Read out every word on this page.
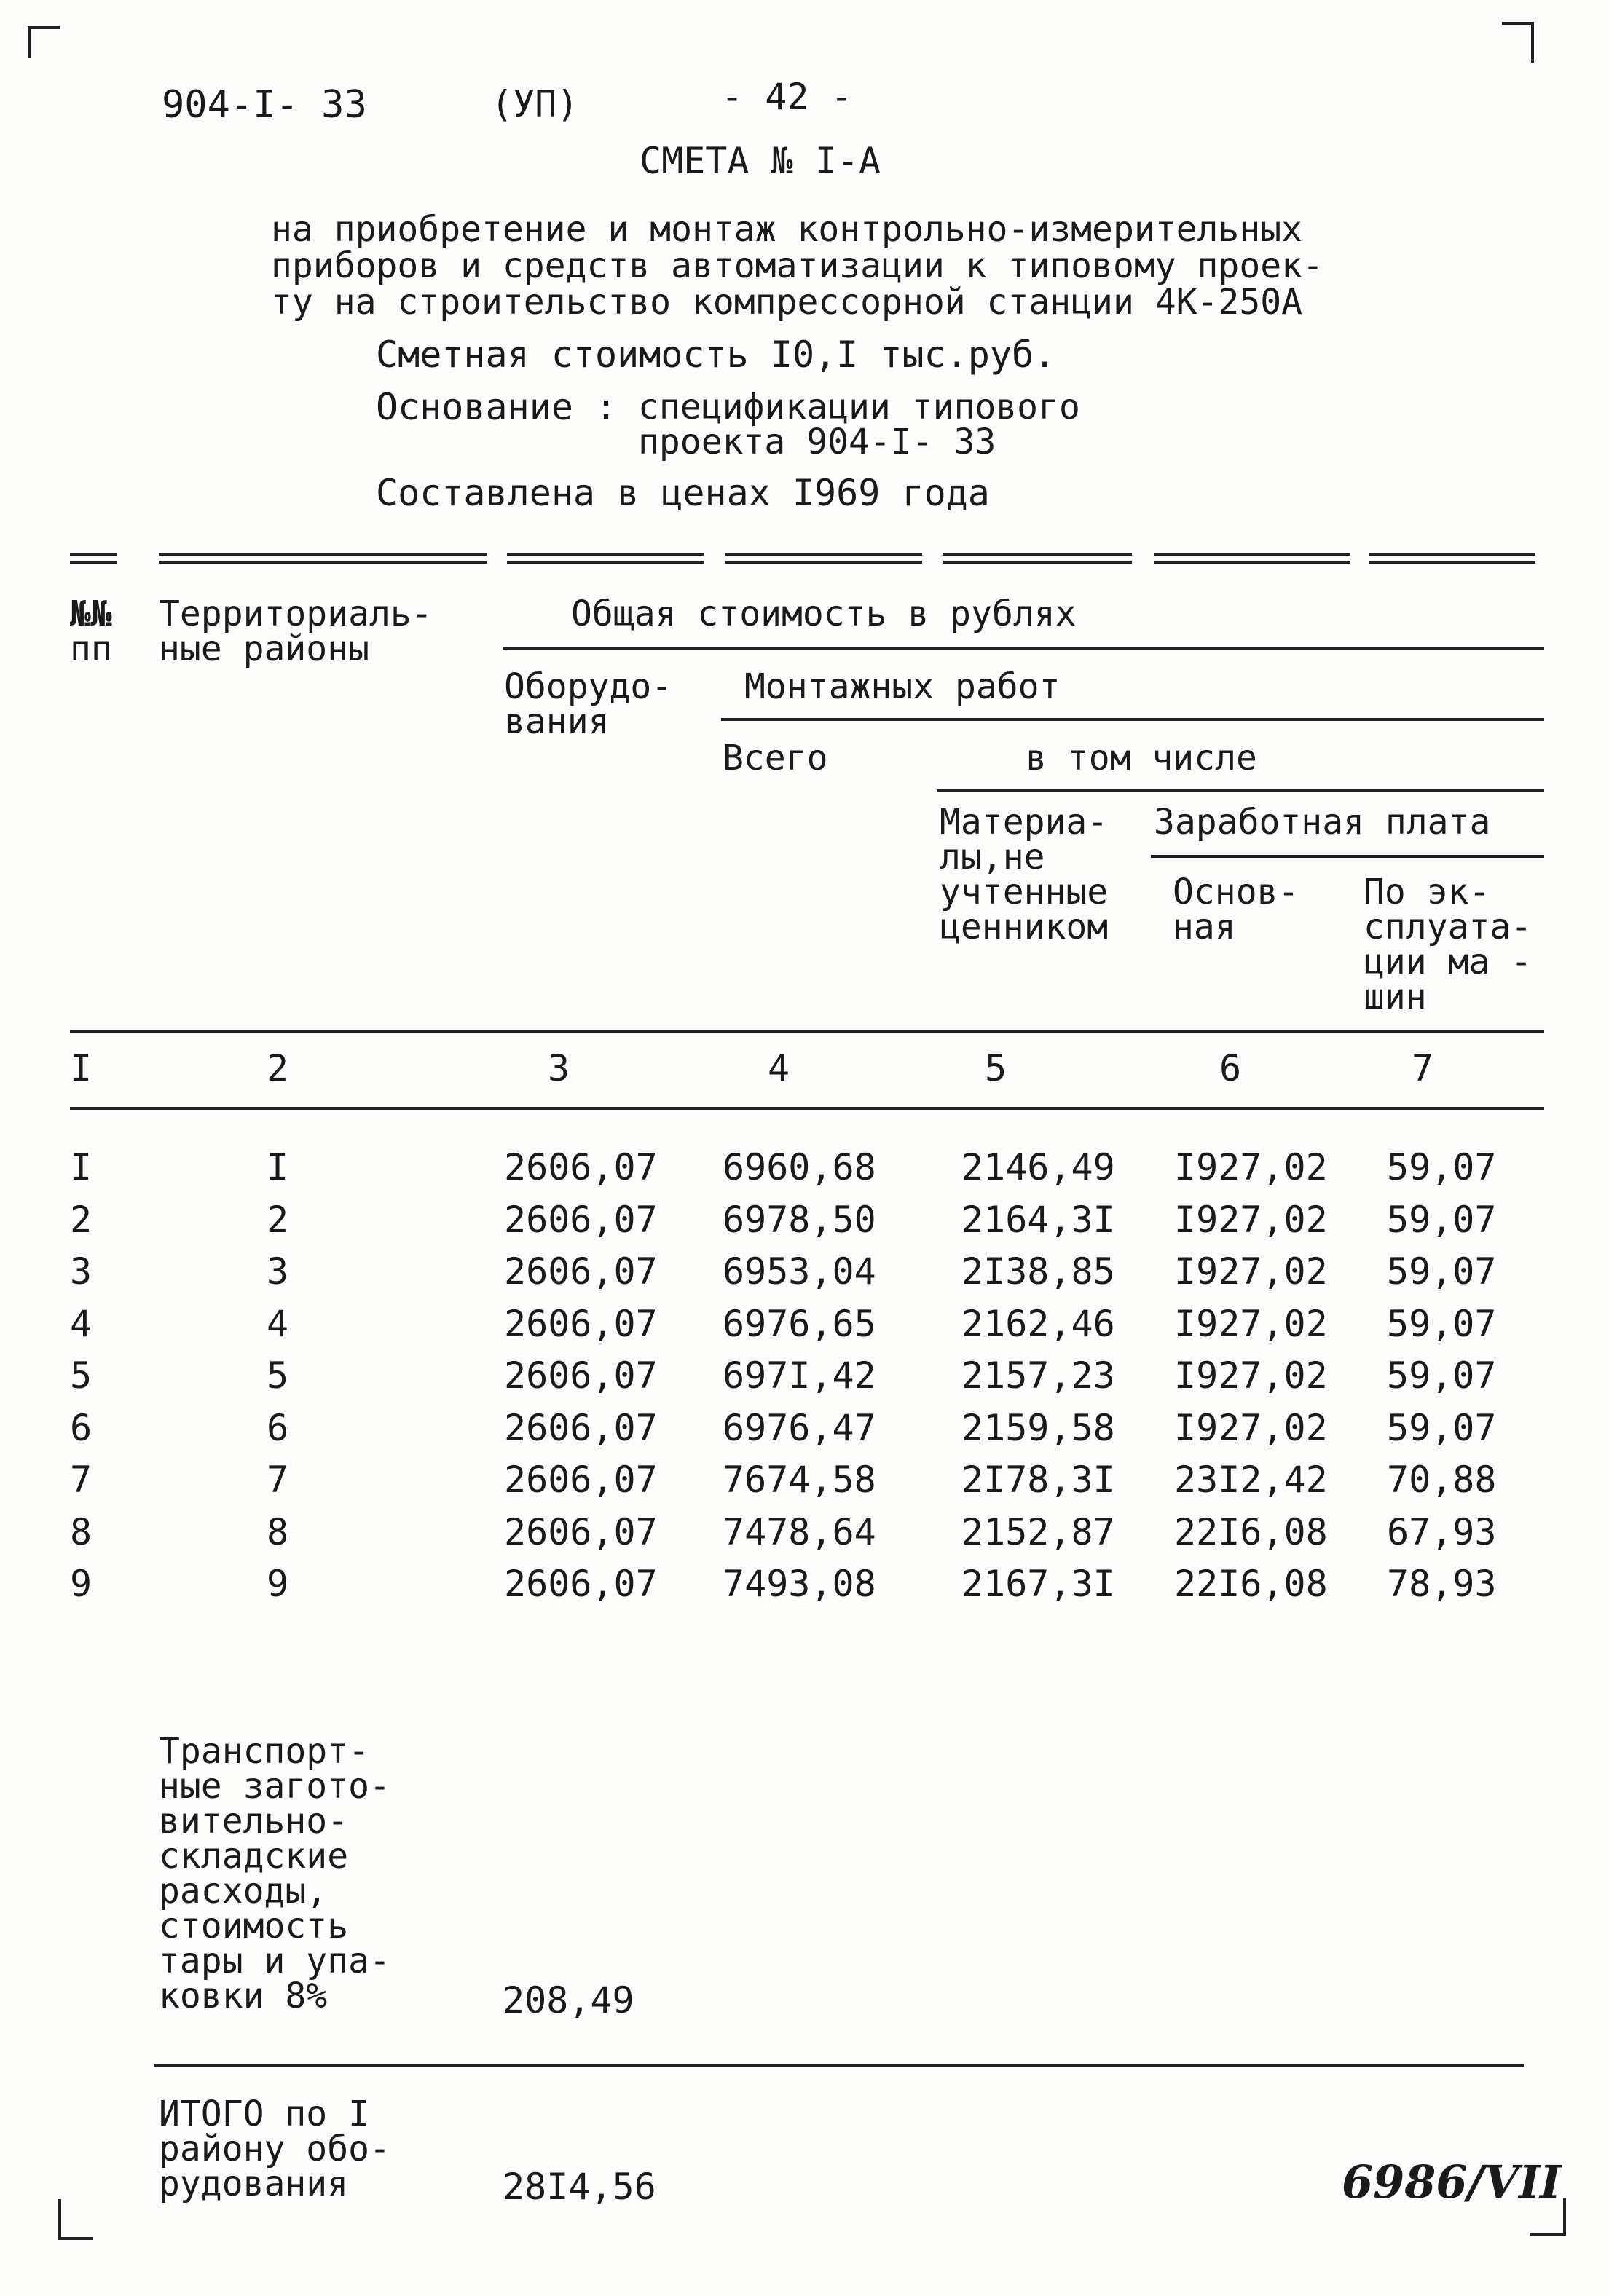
904-I- 33	(УП)	- 42 -
СМЕТА № I-А
на приобретение и монтаж контрольно-измерительных
приборов и средств автоматизации к типовому проек-
ту на строительство компрессорной станции 4К-250А
Сметная стоимость I0,I тыс.руб.
Основание : спецификации типового
проекта 904-I- 33
Составлена в ценах I969 года
№№
пп
Территориаль-
ные районы
Общая стоимость в рублях
Оборудо-
вания
Монтажных работ
Всего	в том числе
Материа-
лы,не
учтенные
ценником
Заработная плата
Основ-
ная
По эк-
сплуата-
ции ма -
шин
I	2	3	4	5	6	7
I	I	2606,07 6960,68 2146,49 I927,02 59,07
2	2	2606,07 6978,50 2164,3I I927,02 59,07
3	3	2606,07 6953,04 2I38,85 I927,02 59,07
4	4	2606,07 6976,65 2162,46 I927,02 59,07
5	5	2606,07 697I,42 2157,23 I927,02 59,07
6	6	2606,07 6976,47 2159,58 I927,02 59,07
7	7	2606,07 7674,58 2I78,3I 23I2,42 70,88
8	8	2606,07 7478,64 2152,87 22I6,08 67,93
9	9	2606,07 7493,08 2167,3I 22I6,08 78,93
Транспорт-
ные загото-
вительно-
складские
расходы,
стоимость
тары и упа-
ковки 8%	208,49
ИТОГО по I
району обо-
рудования	28I4,56	6986/VII
